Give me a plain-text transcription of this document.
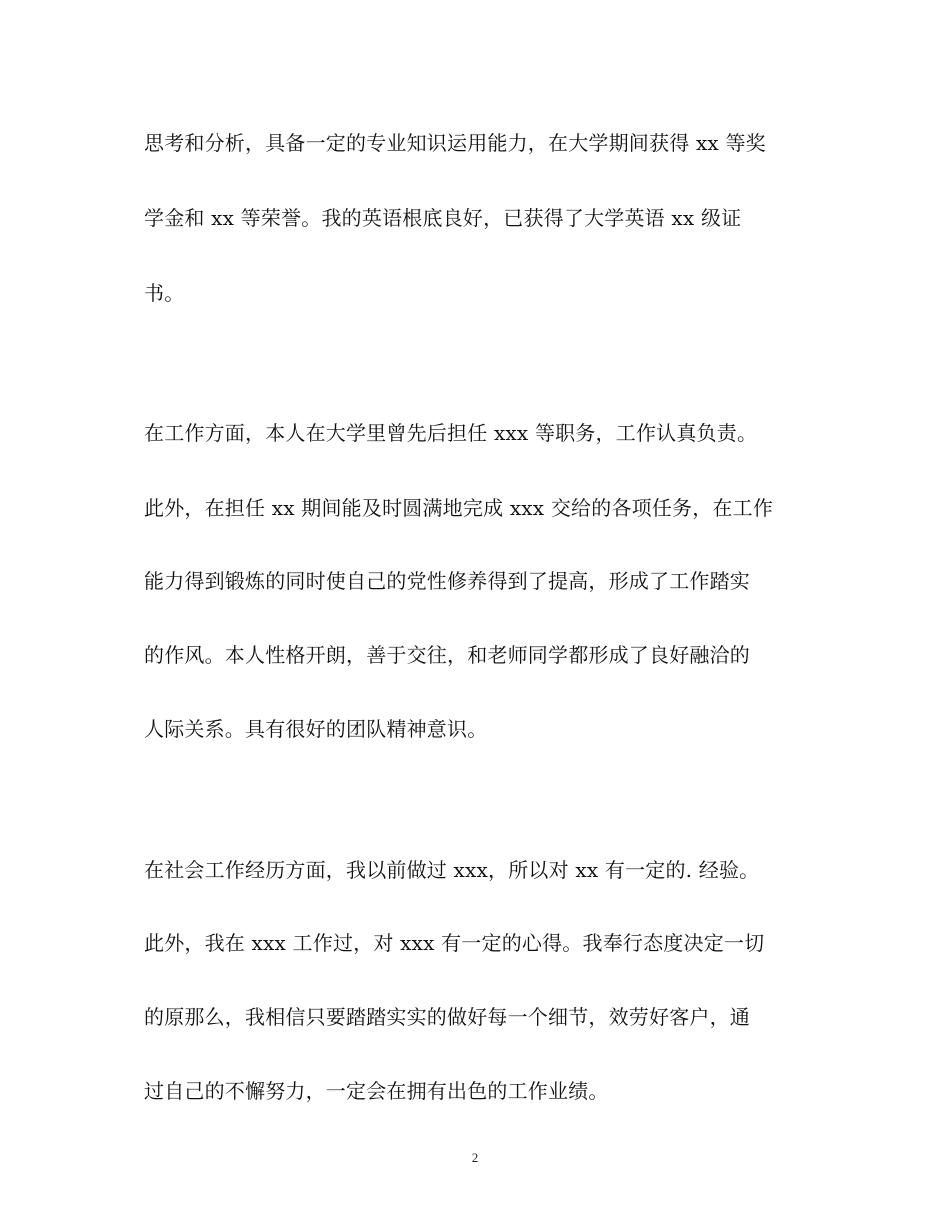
思考和分析，具备一定的专业知识运用能力，在大学期间获得 xx 等奖
学金和 xx 等荣誉。我的英语根底良好，已获得了大学英语 xx 级证
书。
在工作方面，本人在大学里曾先后担任 xxx 等职务，工作认真负责。
此外，在担任 xx 期间能及时圆满地完成 xxx 交给的各项任务，在工作
能力得到锻炼的同时使自己的党性修养得到了提高，形成了工作踏实
的作风。本人性格开朗，善于交往，和老师同学都形成了良好融洽的
人际关系。具有很好的团队精神意识。
在社会工作经历方面，我以前做过 xxx，所以对 xx 有一定的. 经验。
此外，我在 xxx 工作过，对 xxx 有一定的心得。我奉行态度决定一切
的原那么，我相信只要踏踏实实的做好每一个细节，效劳好客户，通
过自己的不懈努力，一定会在拥有出色的工作业绩。
2
